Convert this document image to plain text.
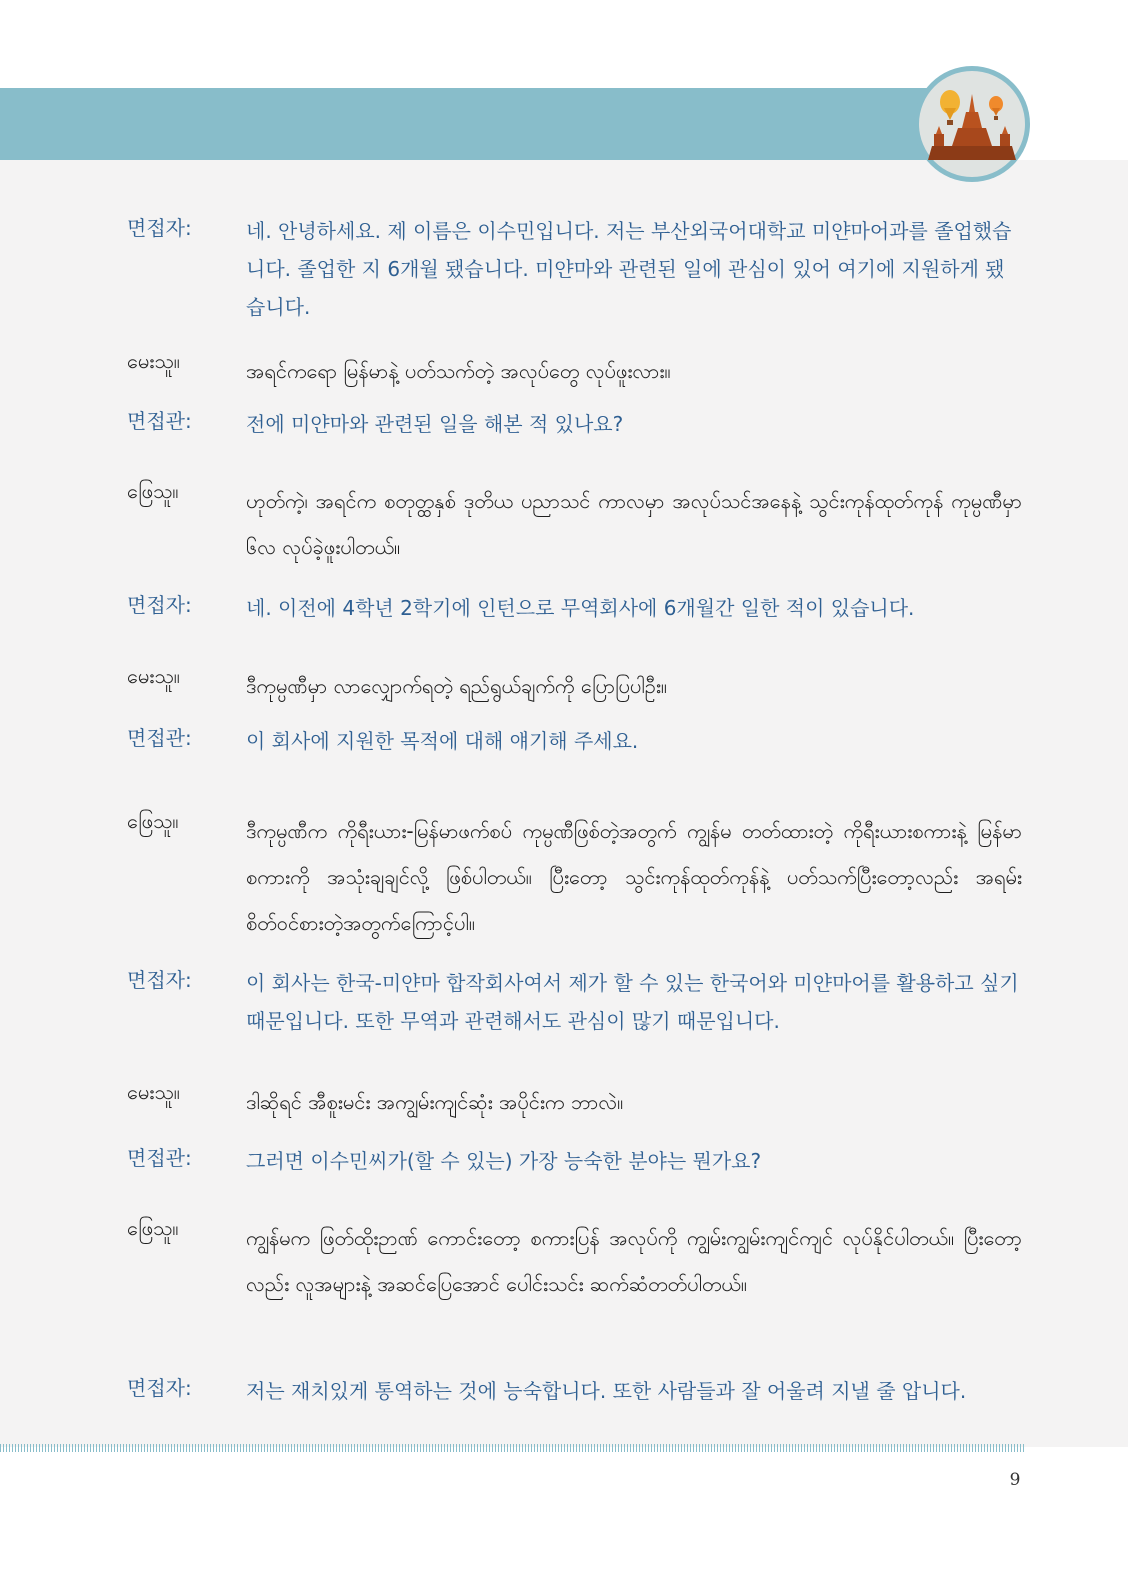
면접자:	네. 안녕하세요. 제 이름은 이수민입니다. 저는 부산외국어대학교 미얀마어과를 졸업했습니다. 졸업한 지 6개월 됐습니다. 미얀마와 관련된 일에 관심이 있어 여기에 지원하게 됐습니다.

မေးသူ။	အရင်ကရော မြန်မာနဲ့ ပတ်သက်တဲ့ အလုပ်တွေ လုပ်ဖူးလား။

면접관:	전에 미얀마와 관련된 일을 해본 적 있나요?

ဖြေသူ။	ဟုတ်ကဲ့၊ အရင်က စတုတ္ထနှစ် ဒုတိယ ပညာသင် ကာလမှာ အလုပ်သင်အနေနဲ့ သွင်းကုန်ထုတ်ကုန် ကုမ္ပဏီမှာ ၆လ လုပ်ခဲ့ဖူးပါတယ်။

면접자:	네. 이전에 4학년 2학기에 인턴으로 무역회사에 6개월간 일한 적이 있습니다.

မေးသူ။	ဒီကုမ္ပဏီမှာ လာလျှောက်ရတဲ့ ရည်ရွယ်ချက်ကို ပြောပြပါဦး။

면접관:	이 회사에 지원한 목적에 대해 얘기해 주세요.

ဖြေသူ။	ဒီကုမ္ပဏီက ကိုရီးယား-မြန်မာဖက်စပ် ကုမ္ပဏီဖြစ်တဲ့အတွက် ကျွန်မ တတ်ထားတဲ့ ကိုရီးယားစကားနဲ့ မြန်မာစကားကို အသုံးချချင်လို့ ဖြစ်ပါတယ်။ ပြီးတော့ သွင်းကုန်ထုတ်ကုန်နဲ့ ပတ်သက်ပြီးတော့လည်း အရမ်း စိတ်ဝင်စားတဲ့အတွက်ကြောင့်ပါ။

면접자:	이 회사는 한국-미얀마 합작회사여서 제가 할 수 있는 한국어와 미얀마어를 활용하고 싶기 때문입니다. 또한 무역과 관련해서도 관심이 많기 때문입니다.

မေးသူ။	ဒါဆိုရင် အီစူးမင်း အကျွမ်းကျင်ဆုံး အပိုင်းက ဘာလဲ။

면접관:	그러면 이수민씨가(할 수 있는) 가장 능숙한 분야는 뭔가요?

ဖြေသူ။	ကျွန်မက ဖြတ်ထိုးဉာဏ် ကောင်းတော့ စကားပြန် အလုပ်ကို ကျွမ်းကျွမ်းကျင်ကျင် လုပ်နိုင်ပါတယ်။ ပြီးတော့လည်း လူအများနဲ့ အဆင်ပြေအောင် ပေါင်းသင်း ဆက်ဆံတတ်ပါတယ်။

면접자:	저는 재치있게 통역하는 것에 능숙합니다. 또한 사람들과 잘 어울려 지낼 줄 압니다.

9
